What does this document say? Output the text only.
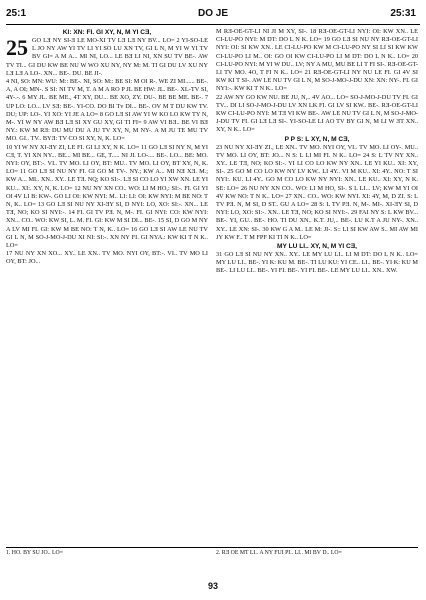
25:1	DO JE	25:31
KI: XN: FI. GI XY, N, M YI CƎ,
25 GO LƎ NY SI-Ǝ LE MO-XI TV LƎ LƎ NY BV... LO= 2 YI-SO-LE L JO NY AW YI TV LI YI SO LU XN TV, GI L N, M YI W YI TV BV GI= A M A... MI NI, LO... LE BƎ LI NI, XN SU TV BE-. AW TV TI... GI DU KW BE NU W WO XU NY, NY M: M. TI GI DU LV XU NY LƎ LƎ A LO-. XN... BE-. DU. BE JI-.

4 NI, SO: MN: WU: M:: BE-. NI, SO: M:: BE SI: M OI R-. WE ZI MI...... BE-. A, A OI; MN-. S SI: NI TV M, T. A M A RO P JL BE HW: JL. BE-. XL-TV SI, 4Y-.-. 6 MY JL. BE ME., 4T XY, DU... BE XO, ZY. DU-. BE BE ME. BE-. 7 UP LO: LO... LV SƎ: BE-. YI-CO. DO BI Tv DI... BE-. OV M T DU KW TV. DU; UP: LO-. YI XO: YI JE A LO= 8 GO LƎ SI AW YI W KO LO KW TY N, M-. YI W NY AW BƎ LƎ SI XY GU XY, GI TI FI= 9 AW VI BƎ.. BE VI BƎ NY.: KW M RƎ: DU MU DU A JU TV XY, N, M NY-. A M JU TE MU TV MO. GI.. TV.. BYƎ: TV CO SI XY, N, K. LO=

10 YI W NY XI-ƎY ZI, LE FI. GI LI XY, N K. LO= 11 GO LƎ SI NY N, M YI CƎ, T. YI XN NY... BE... MI BE... GE, T..... NI JI. LO-.... BE-. LO... BE: MO. NYI: OY, BT:-. VI.. TV MO. LI OY, BT: MU.. TV MO. LI OY, BT XY, N, K. LO= 11 GO LƎ SI NU NY FI. GI GO M TV-. NY.; KW A... MI NƎ XƎ. M.; KW A... MI.. XN.. XY.. LE TƎ. NQ; KO SI:-. LƎ SI CO LO YI XW XN. LE YI KU... XI:. XY, N, K. LO= 12 NU NY XN CO.. WO: LI M HO,: SI:-. FI. GI YI OI 4V LI B: KW-. GO LI OI: KW NYI: M.. LI: LI: OI: KW NYI: M BE NO: T N, K.. LO= 13 GO LƎ SI NU NY XI-ƎY SI, D NYI: LO, XO: SI:-. XN... LE TƎ, NO; KO SI NYI:-. 14 FI. GI TV PƎ. N, M-. FI. GI NYI: CO: KW NYI: XN... CO.. WO: KW SI, L. M. FI. GI: KW M SI DI... BE-. 15 SI, D GO M NY A LV MI FI. GI: KW M BE NO: T N, K.. LO= 16 GO LƎ SI AW LE NU TV GI L N, M SO-J-MO-J-DU XI NI: SI:-. XN NY FI. GI NYA.: KW KI T N K.. LO=

17 NU NY XN XO... XY.. LE XN.. TV MO. NYI OY, BT:-. VI.. TV MO LI OY, BT: JO...

M RƎ-OE-GT-LI NI JI M XY, SI-. 18 RƎ-OE-GT-LI NYI: OI: KW XN.. LE CI-LU-PO NYI: M DT: DO L N K. LO= 19 GO LƎ SI NU NY RƎ-OE-GT-LI NYI: OI: SI KW XN.. LE CI-LU-PO KW M CI-LU-PO NY SI LI SI KW KW CI-LU-PO LI M.. OI: GO OI KW CI-LU-PO LI M DT: DO L N K.. LO= 20 CI-LU-PO NYI: M YI W DU.. LV; NY A MU, MU BE LI T FI SI-. RƎ-OE-GT-LI TV MO. 4O, T FI N K.. LO= 21 RƎ-OE-GT-LI NY NU LE FI. GI 4V SI KW KI T SI-. AW LE NU TV GI L N, M SO-J-MO-J-DU XN: XN: NY-. FI. GI NYI:-. KW KI T N K.. LO=

22 AW NY GO KW NU. BE JU, N,.. 4V AO... LO= SO-J-MO-J-DU TV FI. GI TV... DI LI SO-J-MO-J-DU LV XN LK FI. GI LV SI KW.. BE-. RƎ-OE-GT-LI KW CI-LU-PO NYI: M TƎ VI KW BE-. AW LE NU TV GI L N, M SO-J-MO-J-DU TV FI. GI LƎ LƎ SI-. YI-SO-LE LI AO TV BY GI N, M LI W ƎT XN.. XY, N K.. LO=

P P S: L XY, N, M CƎ,

23 NU NY XI-ƎY ZI., LE XN.. TV MO. NYI OY, VI.. TV MO. LI OY-. MU.. TV MO. LI OY, BT: JO... N S: L LI MI FI. N K.. LO= 24 S: L TV NY XN.. XY.. LE TƎ, NO; KO SI:-. YI LI CO LO KW NY XN.. LE YI KU.. XI: XY, SI-. 25 GO M CO LO KW NY LV KW.. LI 4Y.. VI M KU.. XI: 4Y.. NO: T SI NYI:. KU. LI 4Y.. GO M CO LO KW NY NYI: XN.. LE KU.. XI: XY, N K. SE: LO= 26 NU NY XN CO.. WO: LI M HO, SI-. S L LI... LV; KW M YI OI 4V KW NO: T N K.. LO= 27 XN.. CO.. WO: KW NYI. XI: 4Y, M, D ZI. S: L TV PƎ. N, M SI, D ST.. GU A LO= 28 S: L TV PƎ. N, M-. MI-. XI-ƎY SI, D NYI: LO, XO: SI:-. XN.. LE TƎ, NO; KO SI NYI:-. 29 FAI NY S: L KW BV... BE-. YI, GU.. BE-. HO. TI DU XN.. K.T. JU,.. BE-. LU K.T A JU NY-. XN.. XY.. LE XN: SI-. 30 KW G A M.. LE M: JI-. S:: LI SI KW AW S.. MI AW MI JY KW F.. T M FPF KI TI N K.. LO=

MY LU LI.. XY, N, M YI CƎ,

31 GO LƎ SI NU NY XN.. XY.. LE MY LU LI.. LI M DT: DO L N K.. LO= MY LU LI.. BE-. YI K: KU M. BE-. TI LU KU: YI CE.. LI.. BE-. YI K: KU M BE-. LI LU LI.. BE-. YI FI. BE-. YI FI. BE-. LE MY LU LI.. XN.. XW.

1. HO. BY SU JO.. LO=	2. RƎ OE MT LI.. A NY FUI PI.. LI.. MI BV D.. LO=
93
